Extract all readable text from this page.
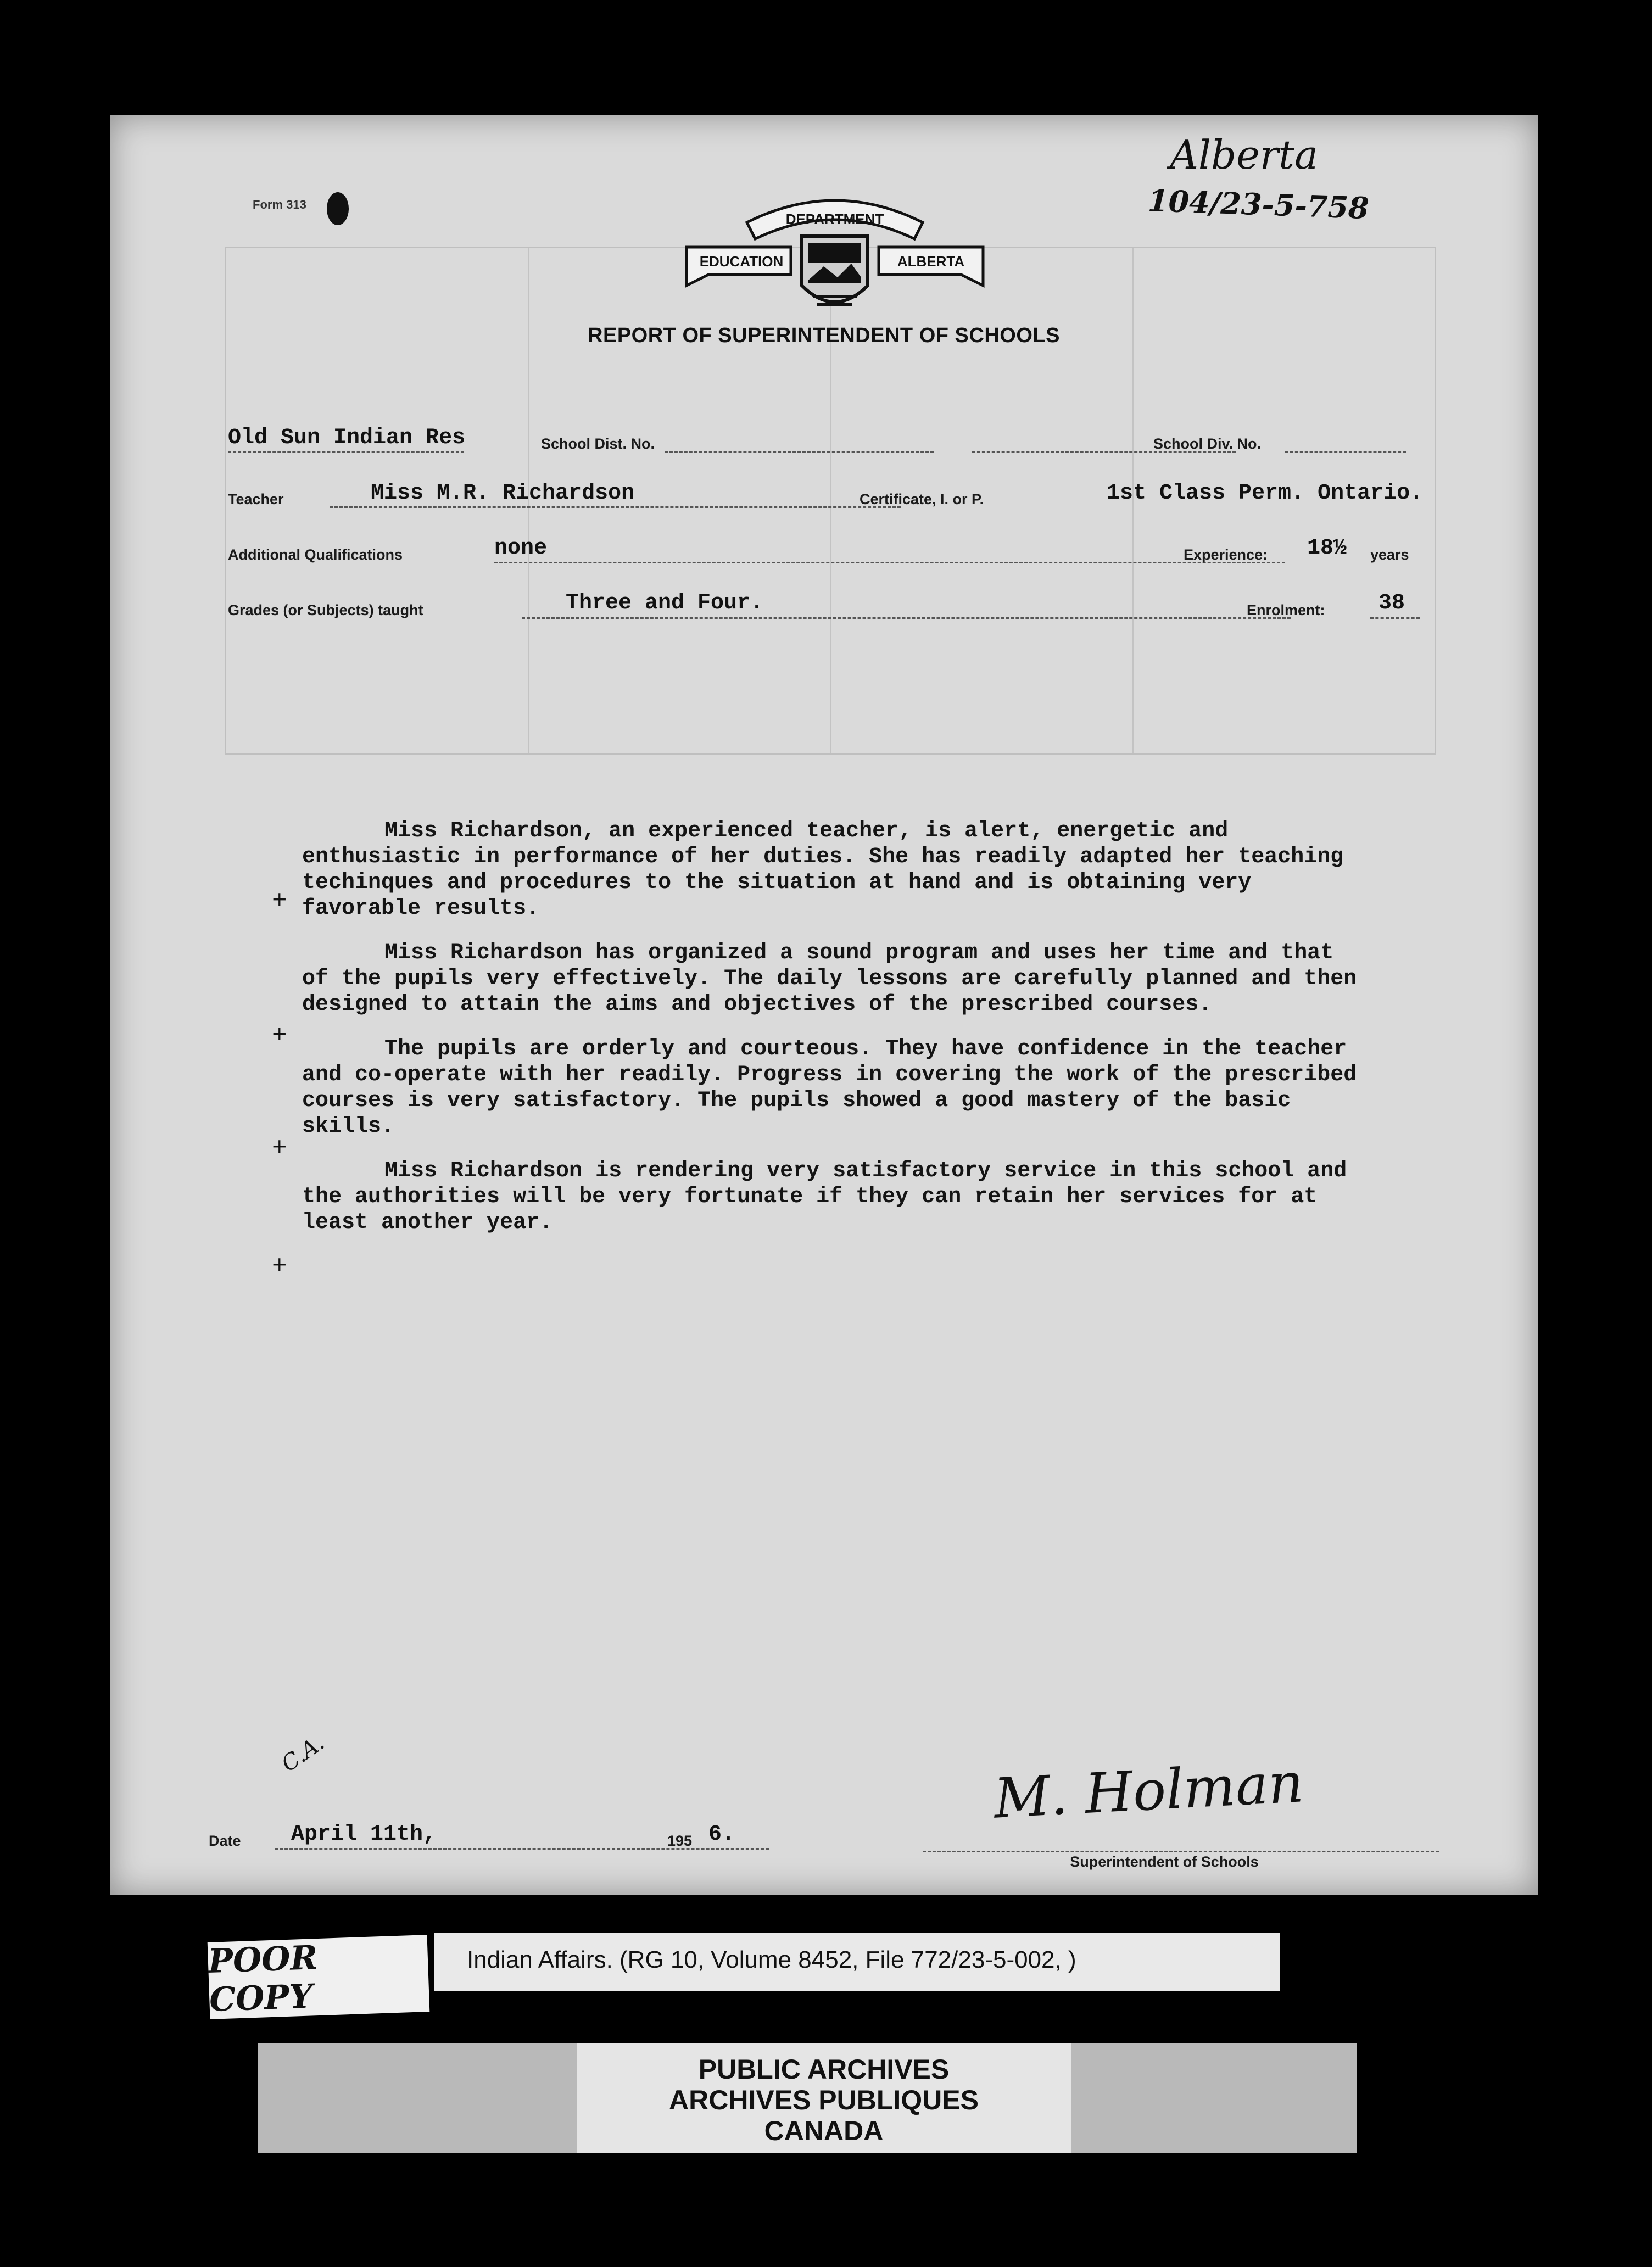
Form 313
Alberta
104/23-5-758
DEPARTMENT
EDUCATION	ALBERTA
REPORT OF SUPERINTENDENT OF SCHOOLS
Old Sun Indian Res	School Dist. No.	School Div. No.
Teacher	Miss M.R. Richardson	Certificate, I. or P.	1st Class Perm. Ontario.
Additional Qualifications	none	Experience: 18½ years
Grades (or Subjects) taught	Three and Four.	Enrolment: 38

Miss Richardson, an experienced teacher, is alert, energetic and enthusiastic in performance of her duties. She has readily adapted her teaching techinques and procedures to the situation at hand and is obtaining very favorable results.

Miss Richardson has organized a sound program and uses her time and that of the pupils very effectively. The daily lessons are carefully planned and then designed to attain the aims and objectives of the prescribed courses.

The pupils are orderly and courteous. They have confidence in the teacher and co-operate with her readily. Progress in covering the work of the prescribed courses is very satisfactory. The pupils showed a good mastery of the basic skills.

Miss Richardson is rendering very satisfactory service in this school and the authorities will be very fortunate if they can retain her services for at least another year.

+
+
+
+
C.A.
Date April 11th,	195 6.
M. Holman
Superintendent of Schools
POOR COPY
Indian Affairs. (RG 10, Volume 8452, File 772/23-5-002, )
PUBLIC ARCHIVES
ARCHIVES PUBLIQUES
CANADA
